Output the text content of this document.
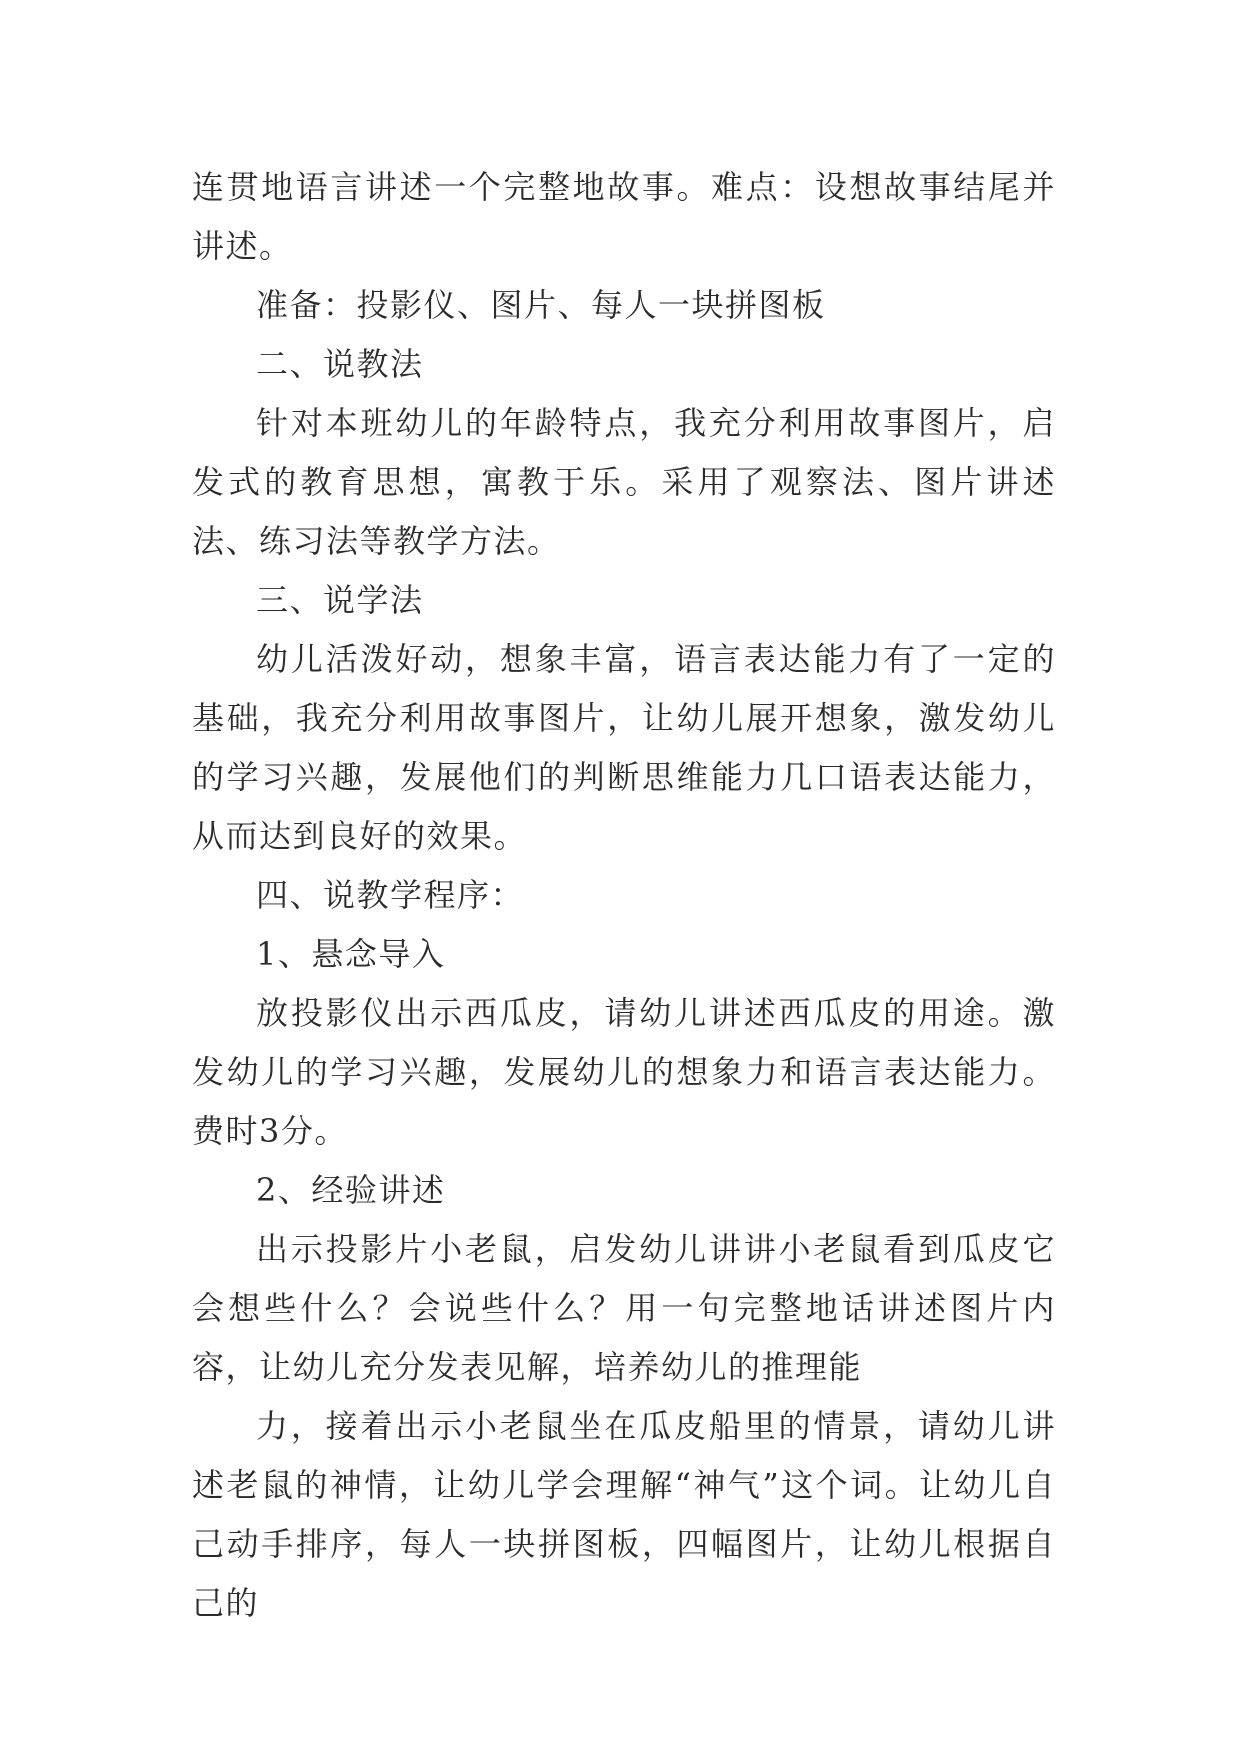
连贯地语言讲述一个完整地故事。难点：设想故事结尾并讲述。

准备：投影仪、图片、每人一块拼图板

二、说教法

针对本班幼儿的年龄特点，我充分利用故事图片，启发式的教育思想，寓教于乐。采用了观察法、图片讲述法、练习法等教学方法。

三、说学法

幼儿活泼好动，想象丰富，语言表达能力有了一定的基础，我充分利用故事图片，让幼儿展开想象，激发幼儿的学习兴趣，发展他们的判断思维能力几口语表达能力，从而达到良好的效果。

四、说教学程序：

1、悬念导入

放投影仪出示西瓜皮，请幼儿讲述西瓜皮的用途。激发幼儿的学习兴趣，发展幼儿的想象力和语言表达能力。费时3分。

2、经验讲述

出示投影片小老鼠，启发幼儿讲讲小老鼠看到瓜皮它会想些什么？会说些什么？用一句完整地话讲述图片内容，让幼儿充分发表见解，培养幼儿的推理能

力，接着出示小老鼠坐在瓜皮船里的情景，请幼儿讲述老鼠的神情，让幼儿学会理解“神气”这个词。让幼儿自己动手排序，每人一块拼图板，四幅图片，让幼儿根据自己的
